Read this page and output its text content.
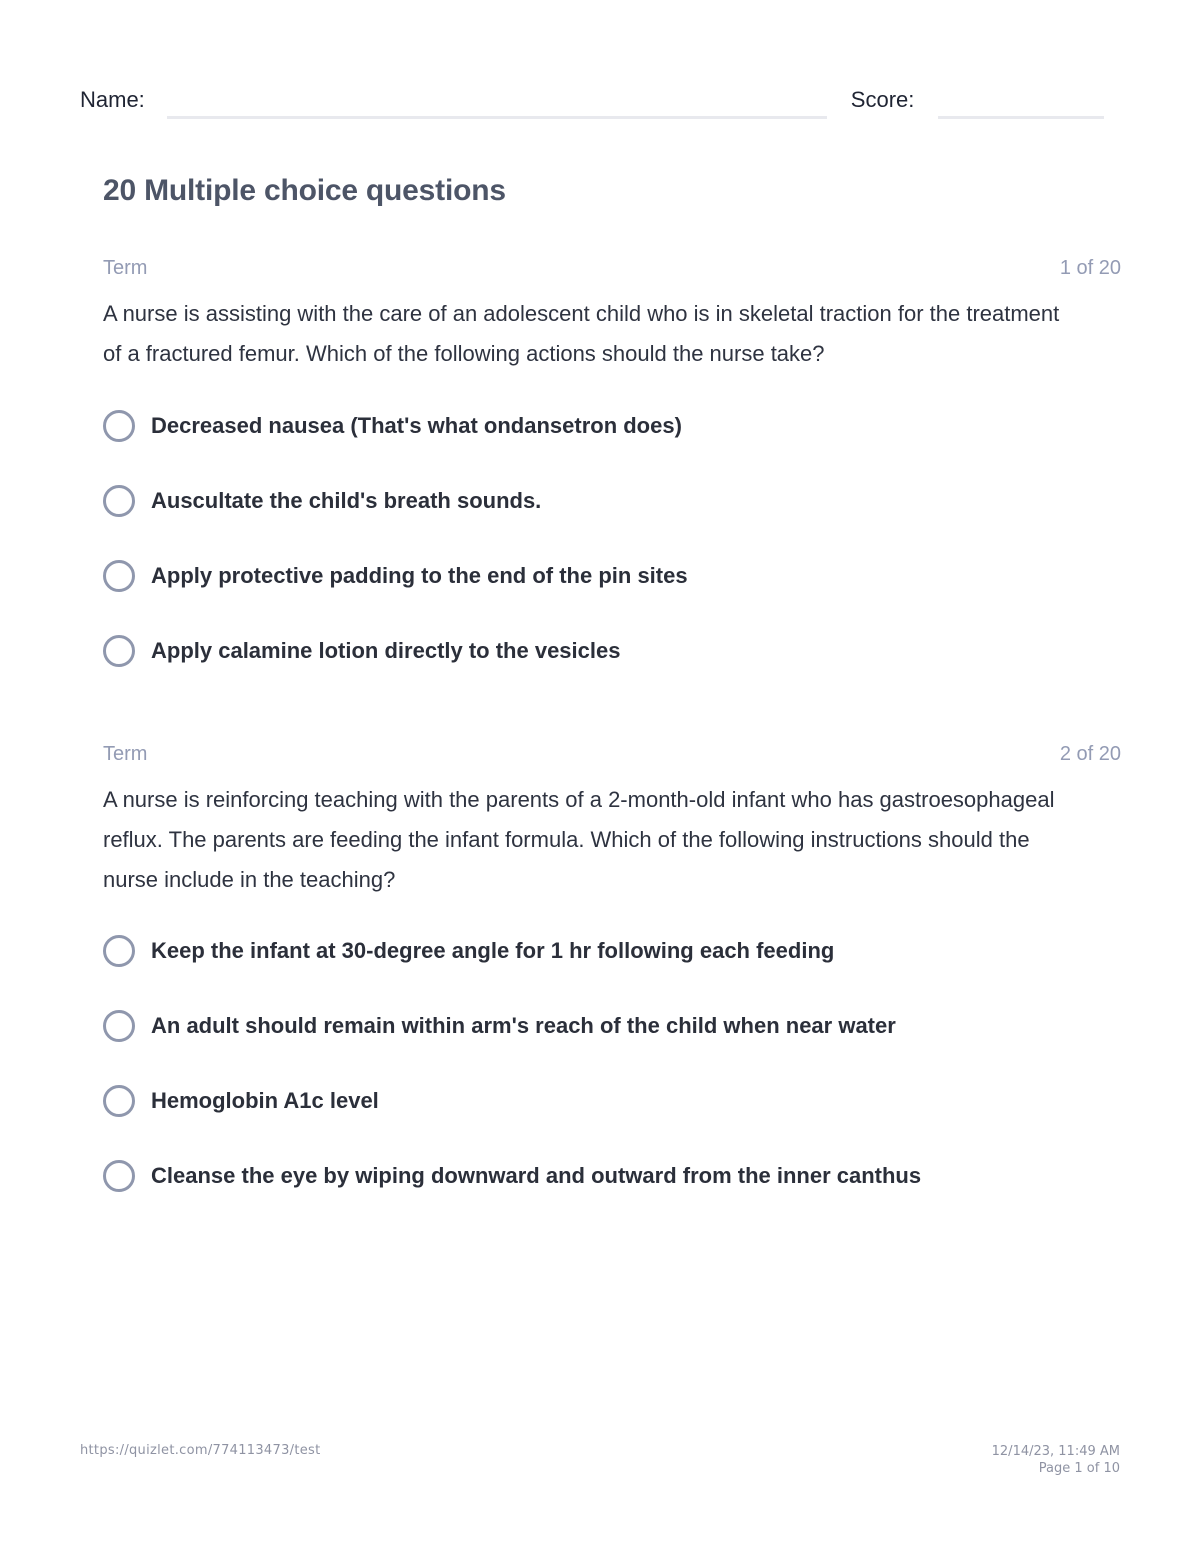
Name:	Score:
20 Multiple choice questions
Term	1 of 20
A nurse is assisting with the care of an adolescent child who is in skeletal traction for the treatment of a fractured femur. Which of the following actions should the nurse take?
Decreased nausea (That's what ondansetron does)
Auscultate the child's breath sounds.
Apply protective padding to the end of the pin sites
Apply calamine lotion directly to the vesicles
Term	2 of 20
A nurse is reinforcing teaching with the parents of a 2-month-old infant who has gastroesophageal reflux. The parents are feeding the infant formula. Which of the following instructions should the nurse include in the teaching?
Keep the infant at 30-degree angle for 1 hr following each feeding
An adult should remain within arm's reach of the child when near water
Hemoglobin A1c level
Cleanse the eye by wiping downward and outward from the inner canthus
https://quizlet.com/774113473/test	12/14/23, 11:49 AM
Page 1 of 10
